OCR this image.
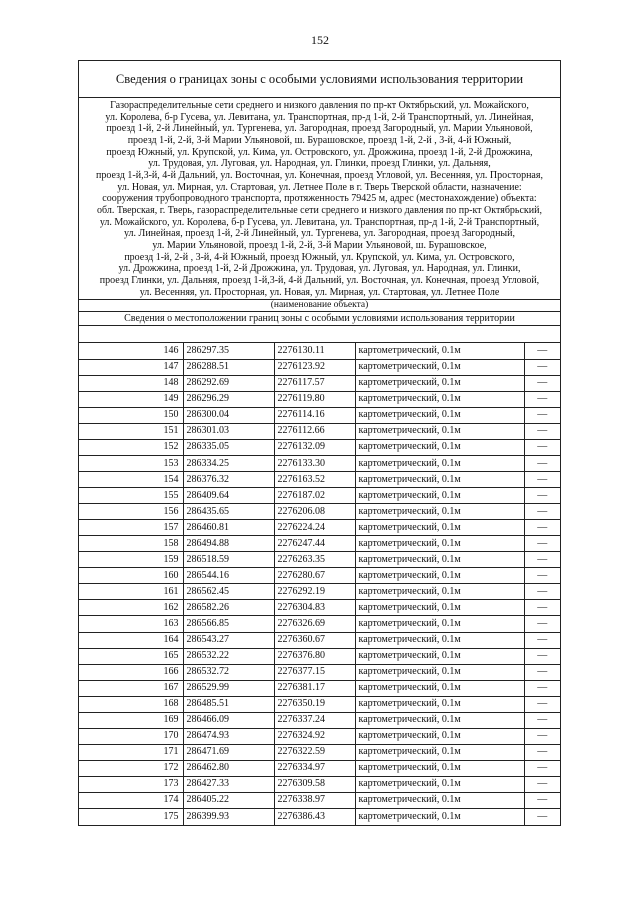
152
Сведения о границах зоны с особыми условиями использования территории
Газораспределительные сети среднего и низкого давления по пр-кт Октябрьский, ул. Можайского,
ул. Королева, б-р Гусева, ул. Левитана, ул. Транспортная, пр-д 1-й, 2-й Транспортный, ул. Линейная,
проезд 1-й, 2-й Линейный, ул. Тургенева, ул. Загородная, проезд Загородный, ул. Марии Ульяновой,
проезд 1-й, 2-й, 3-й Марии Ульяновой, ш. Бурашовское, проезд 1-й, 2-й , 3-й, 4-й Южный,
проезд Южный, ул. Крупской, ул. Кима, ул. Островского, ул. Дрожжина, проезд 1-й, 2-й Дрожжина,
ул. Трудовая, ул. Луговая, ул. Народная, ул. Глинки, проезд Глинки, ул. Дальняя,
проезд 1-й,3-й, 4-й Дальний, ул. Восточная, ул. Конечная, проезд Угловой, ул. Весенняя, ул. Просторная,
ул. Новая, ул. Мирная, ул. Стартовая, ул. Летнее Поле в г. Тверь Тверской области, назначение:
сооружения трубопроводного транспорта, протяженность 79425 м, адрес (местонахождение) объекта:
обл. Тверская, г. Тверь, газораспределительные сети среднего и низкого давления по пр-кт Октябрьский,
ул. Можайского, ул. Королева, б-р Гусева, ул. Левитана, ул. Транспортная, пр-д 1-й, 2-й Транспортный,
ул. Линейная, проезд 1-й, 2-й Линейный, ул. Тургенева, ул. Загородная, проезд Загородный,
ул. Марии Ульяновой, проезд 1-й, 2-й, 3-й Марии Ульяновой, ш. Бурашовское,
проезд 1-й, 2-й , 3-й, 4-й Южный, проезд Южный, ул. Крупской, ул. Кима, ул. Островского,
ул. Дрожжина, проезд 1-й, 2-й Дрожжина, ул. Трудовая, ул. Луговая, ул. Народная, ул. Глинки,
проезд Глинки, ул. Дальняя, проезд 1-й,3-й, 4-й Дальний, ул. Восточная, ул. Конечная, проезд Угловой,
ул. Весенняя, ул. Просторная, ул. Новая, ул. Мирная, ул. Стартовая, ул. Летнее Поле
(наименование объекта)
Сведения о местоположении границ зоны с особыми условиями использования территории
146	286297.35	2276130.11	картометрический, 0.1м	—
147	286288.51	2276123.92	картометрический, 0.1м	—
148	286292.69	2276117.57	картометрический, 0.1м	—
149	286296.29	2276119.80	картометрический, 0.1м	—
150	286300.04	2276114.16	картометрический, 0.1м	—
151	286301.03	2276112.66	картометрический, 0.1м	—
152	286335.05	2276132.09	картометрический, 0.1м	—
153	286334.25	2276133.30	картометрический, 0.1м	—
154	286376.32	2276163.52	картометрический, 0.1м	—
155	286409.64	2276187.02	картометрический, 0.1м	—
156	286435.65	2276206.08	картометрический, 0.1м	—
157	286460.81	2276224.24	картометрический, 0.1м	—
158	286494.88	2276247.44	картометрический, 0.1м	—
159	286518.59	2276263.35	картометрический, 0.1м	—
160	286544.16	2276280.67	картометрический, 0.1м	—
161	286562.45	2276292.19	картометрический, 0.1м	—
162	286582.26	2276304.83	картометрический, 0.1м	—
163	286566.85	2276326.69	картометрический, 0.1м	—
164	286543.27	2276360.67	картометрический, 0.1м	—
165	286532.22	2276376.80	картометрический, 0.1м	—
166	286532.72	2276377.15	картометрический, 0.1м	—
167	286529.99	2276381.17	картометрический, 0.1м	—
168	286485.51	2276350.19	картометрический, 0.1м	—
169	286466.09	2276337.24	картометрический, 0.1м	—
170	286474.93	2276324.92	картометрический, 0.1м	—
171	286471.69	2276322.59	картометрический, 0.1м	—
172	286462.80	2276334.97	картометрический, 0.1м	—
173	286427.33	2276309.58	картометрический, 0.1м	—
174	286405.22	2276338.97	картометрический, 0.1м	—
175	286399.93	2276386.43	картометрический, 0.1м	—
